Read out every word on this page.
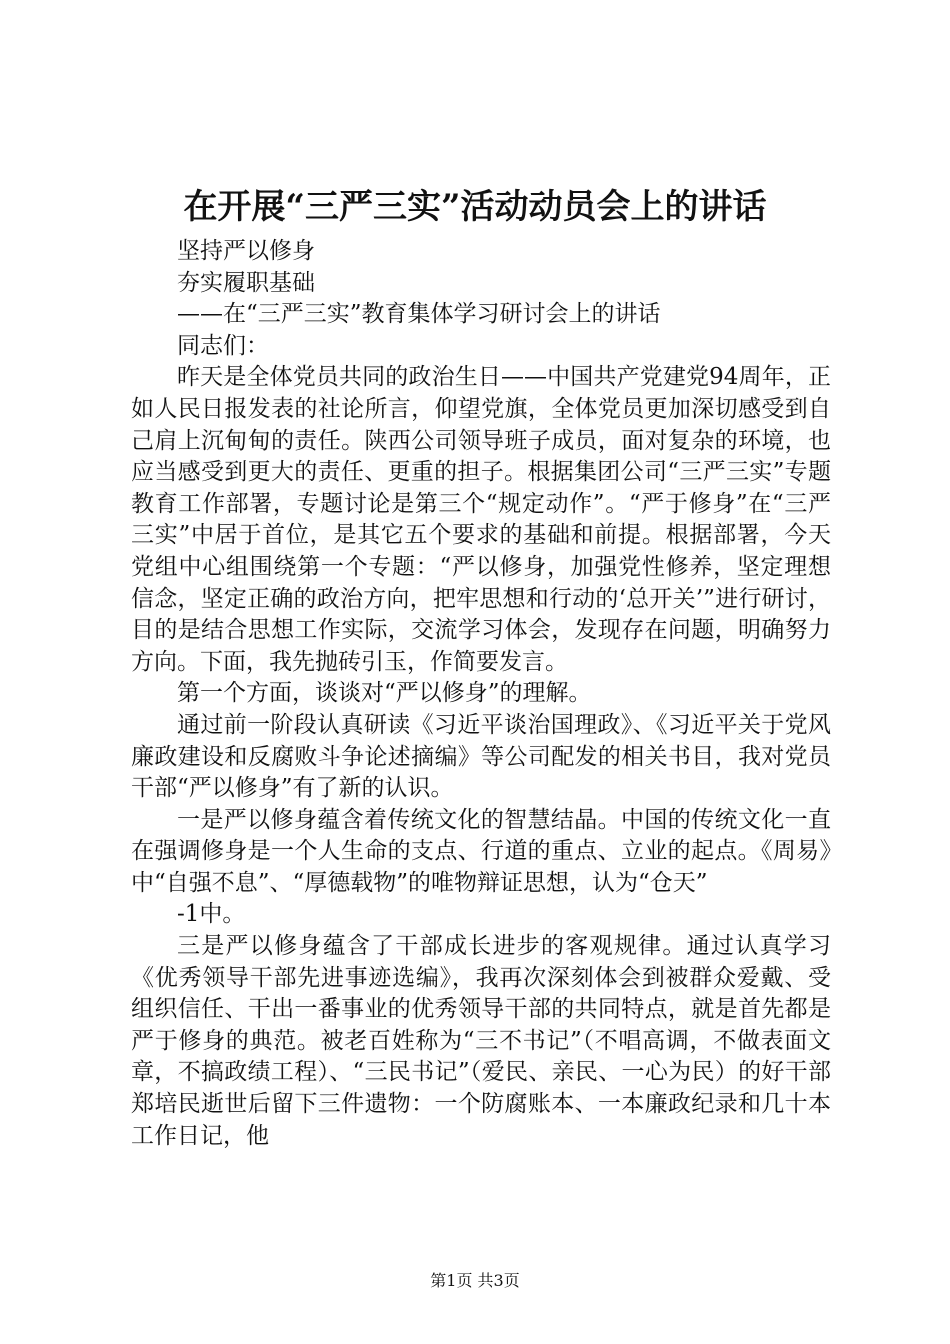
在开展“三严三实”活动动员会上的讲话

坚持严以修身

夯实履职基础

——在“三严三实”教育集体学习研讨会上的讲话

同志们：

昨天是全体党员共同的政治生日——中国共产党建党94周年，正如人民日报发表的社论所言，仰望党旗，全体党员更加深切感受到自己肩上沉甸甸的责任。陕西公司领导班子成员，面对复杂的环境，也应当感受到更大的责任、更重的担子。根据集团公司“三严三实”专题教育工作部署，专题讨论是第三个“规定动作”。“严于修身”在“三严三实”中居于首位，是其它五个要求的基础和前提。根据部署，今天党组中心组围绕第一个专题：“严以修身，加强党性修养，坚定理想信念，坚定正确的政治方向，把牢思想和行动的‘总开关’”进行研讨，目的是结合思想工作实际，交流学习体会，发现存在问题，明确努力方向。下面，我先抛砖引玉，作简要发言。

第一个方面，谈谈对“严以修身”的理解。

通过前一阶段认真研读《习近平谈治国理政》、《习近平关于党风廉政建设和反腐败斗争论述摘编》等公司配发的相关书目，我对党员干部“严以修身”有了新的认识。

一是严以修身蕴含着传统文化的智慧结晶。中国的传统文化一直在强调修身是一个人生命的支点、行道的重点、立业的起点。《周易》中“自强不息”、“厚德载物”的唯物辩证思想，认为“仓天”

-1中。

三是严以修身蕴含了干部成长进步的客观规律。通过认真学习《优秀领导干部先进事迹选编》，我再次深刻体会到被群众爱戴、受组织信任、干出一番事业的优秀领导干部的共同特点，就是首先都是严于修身的典范。被老百姓称为“三不书记”（不唱高调，不做表面文章，不搞政绩工程）、“三民书记”（爱民、亲民、一心为民）的好干部郑培民逝世后留下三件遗物：一个防腐账本、一本廉政纪录和几十本工作日记，他

第1页 共3页
